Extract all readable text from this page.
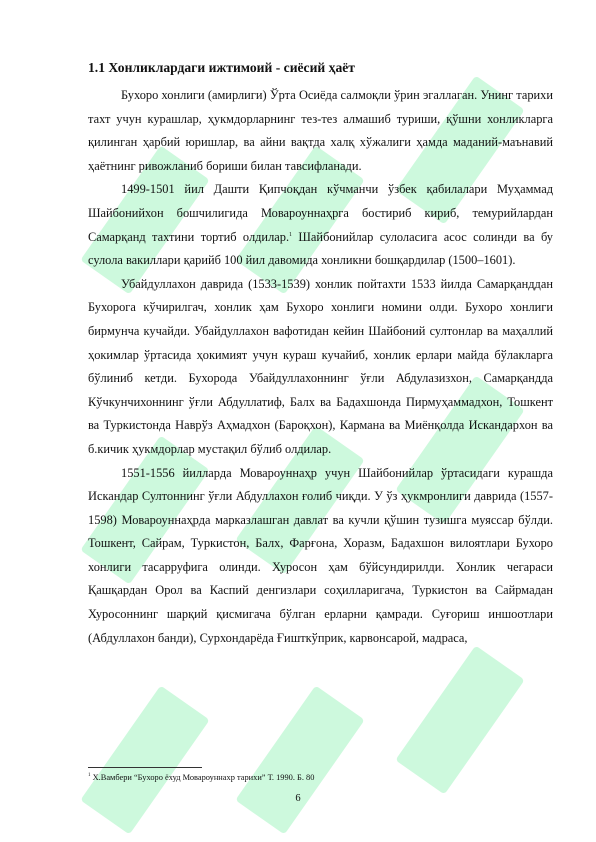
1.1 Хонликлардаги ижтимоий - сиёсий ҳаёт

Бухоро хонлиги (амирлиги) Ўрта Осиёда салмоқли ўрин эгаллаган. Унинг тарихи тахт учун курашлар, ҳукмдорларнинг тез-тез алмашиб туриши, қўшни хонликларга қилинган ҳарбий юришлар, ва айни вақтда халқ хўжалиги ҳамда маданий-маънавий ҳаётнинг ривожланиб бориши билан тавсифланади.

1499-1501 йил Дашти Қипчоқдан кўчманчи ўзбек қабилалари Муҳаммад Шайбонийхон бошчилигида Мовароуннаҳрга бостириб кириб, темурийлардан Самарқанд тахтини тортиб олдилар.$^1$ Шайбонийлар сулоласига асос солинди ва бу сулола вакиллари қарийб 100 йил давомида хонликни бошқардилар (1500–1601).

Убайдуллахон даврида (1533-1539) хонлик пойтахти 1533 йилда Самарқанддан Бухорога кўчирилгач, хонлик ҳам Бухоро хонлиги номини олди. Бухоро хонлиги бирмунча кучайди. Убайдуллахон вафотидан кейин Шайбоний султонлар ва маҳаллий ҳокимлар ўртасида ҳокимият учун кураш кучайиб, хонлик ерлари майда бўлакларга бўлиниб кетди. Бухорода Убайдуллахоннинг ўғли Абдулазизхон, Самарқандда Кўчкунчихоннинг ўғли Абдуллатиф, Балх ва Бадахшонда Пирмуҳаммадхон, Тошкент ва Туркистонда Наврўз Аҳмадхон (Бароқхон), Кармана ва Миёнқолда Искандархон ва б.кичик ҳукмдорлар мустақил бўлиб олдилар.

1551-1556 йилларда Мовароуннаҳр учун Шайбонийлар ўртасидаги курашда Искандар Султоннинг ўғли Абдуллахон ғолиб чиқди. У ўз ҳукмронлиги даврида (1557-1598) Мовароуннаҳрда марказлашган давлат ва кучли қўшин тузишга муяссар бўлди. Тошкент, Сайрам, Туркистон, Балх, Фарғона, Хоразм, Бадахшон вилоятлари Бухоро хонлиги тасарруфига олинди. Хуросон ҳам бўйсундирилди. Хонлик чегараси Қашқардан Орол ва Каспий денгизлари соҳилларигача, Туркистон ва Сайрмадан Хуросоннинг шарқий қисмигача бўлган ерларни қамради. Суғориш иншоотлари (Абдуллахон банди), Сурхондарёда Ғишткўприк, карвонсарой, мадраса,

$^1$ Х.Вамбери “Бухоро ёхуд Мовароуннахр тарихи” Т. 1990. Б. 80
6
